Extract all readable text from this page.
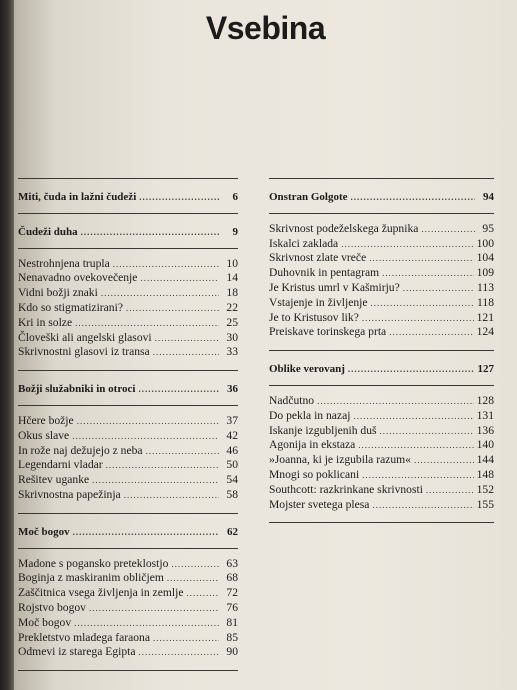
Vsebina
Miti, čuda in lažni čudeži .....	6
Čudeži duha .....	9
Nestrohnjena trupla .....	10
Nenavadno ovekovečenje .....	14
Vidni božji znaki .....	18
Kdo so stigmatizirani? .....	22
Kri in solze .....	25
Človeški ali angelski glasovi .....	30
Skrivnostni glasovi iz transa .....	33
Božji služabniki in otroci .....	36
Hčere božje .....	37
Okus slave .....	42
In rože naj dežujejo z neba .....	46
Legendarni vladar .....	50
Rešitev uganke .....	54
Skrivnostna papežinja .....	58
Moč bogov .....	62
Madone s pogansko preteklostjo .....	63
Boginja z maskiranim obličjem .....	68
Zaščitnica vsega življenja in zemlje .....	72
Rojstvo bogov .....	76
Moč bogov .....	81
Prekletstvo mladega faraona .....	85
Odmevi iz starega Egipta .....	90
Onstran Golgote .....	94
Skrivnost podeželskega župnika .....	95
Iskalci zaklada .....	100
Skrivnost zlate vreče .....	104
Duhovnik in pentagram .....	109
Je Kristus umrl v Kašmirju? .....	113
Vstajenje in življenje .....	118
Je to Kristusov lik? .....	121
Preiskave torinskega prta .....	124
Oblike verovanj .....	127
Nadčutno .....	128
Do pekla in nazaj .....	131
Iskanje izgubljenih duš .....	136
Agonija in ekstaza .....	140
»Joanna, ki je izgubila razum« .....	144
Mnogi so poklicani .....	148
Southcott: razkrinkane skrivnosti .....	152
Mojster svetega plesa .....	155
